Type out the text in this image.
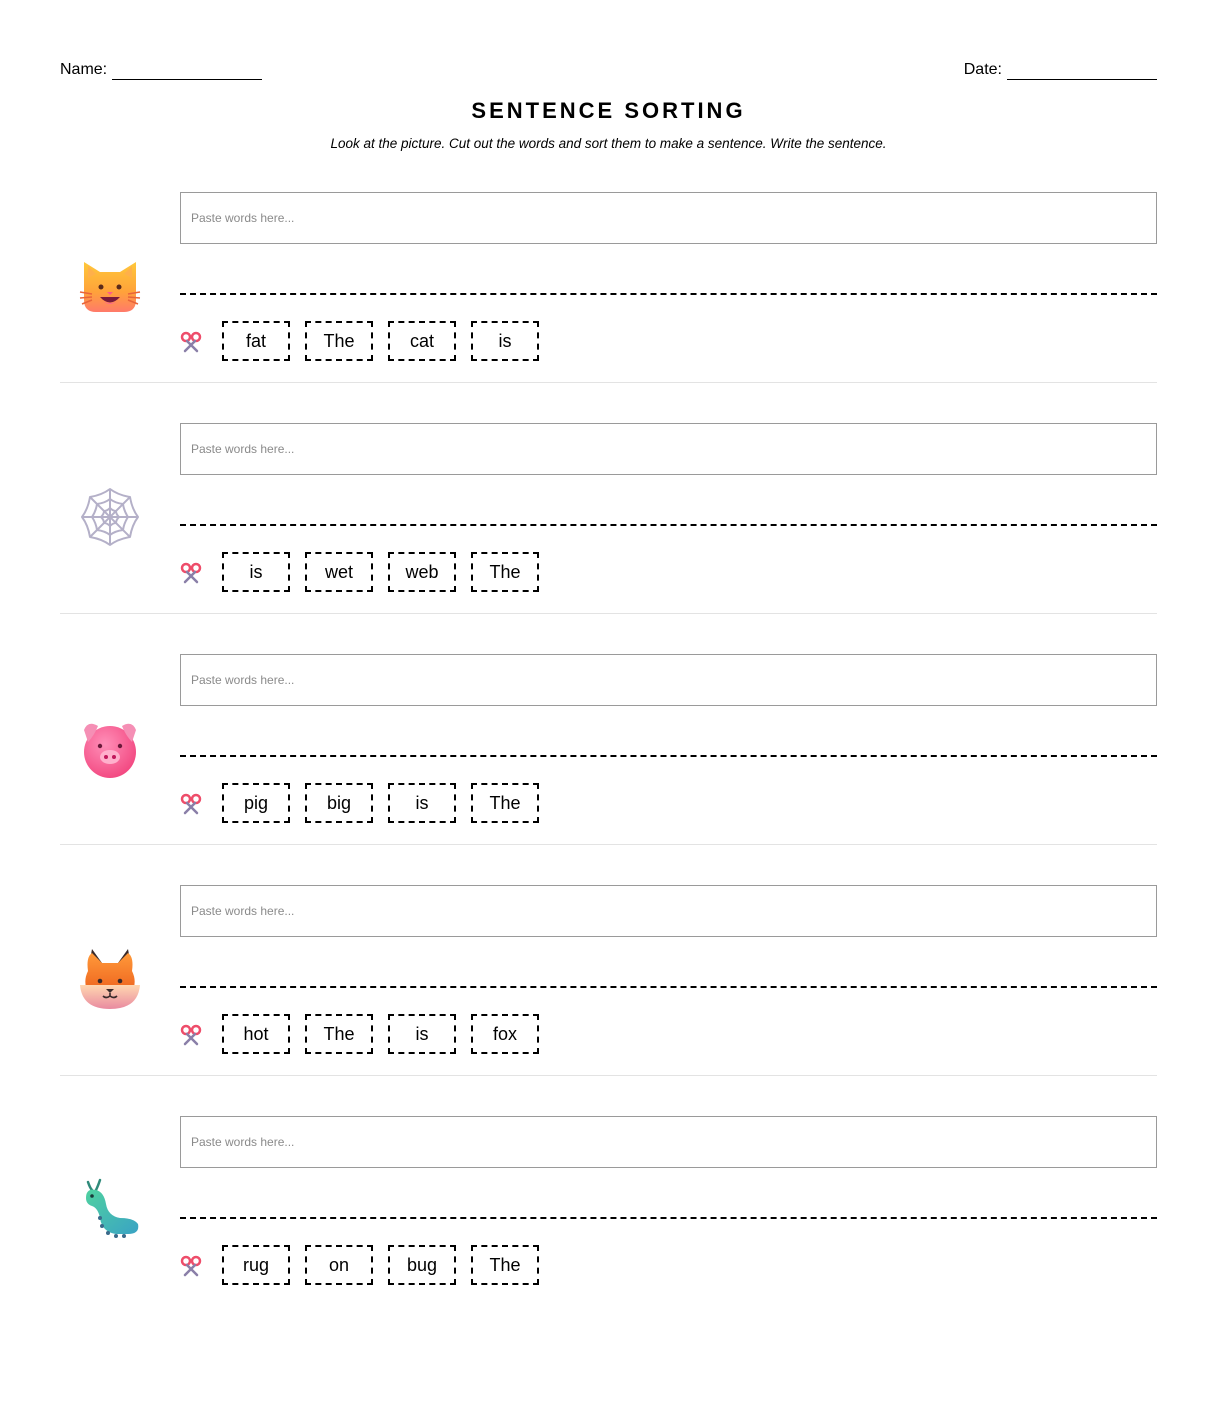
Name:	Date:
SENTENCE SORTING
Look at the picture. Cut out the words and sort them to make a sentence. Write the sentence.
Paste words here...
fat	The	cat	is
Paste words here...
is	wet	web	The
Paste words here...
pig	big	is	The
Paste words here...
hot	The	is	fox
Paste words here...
rug	on	bug	The
